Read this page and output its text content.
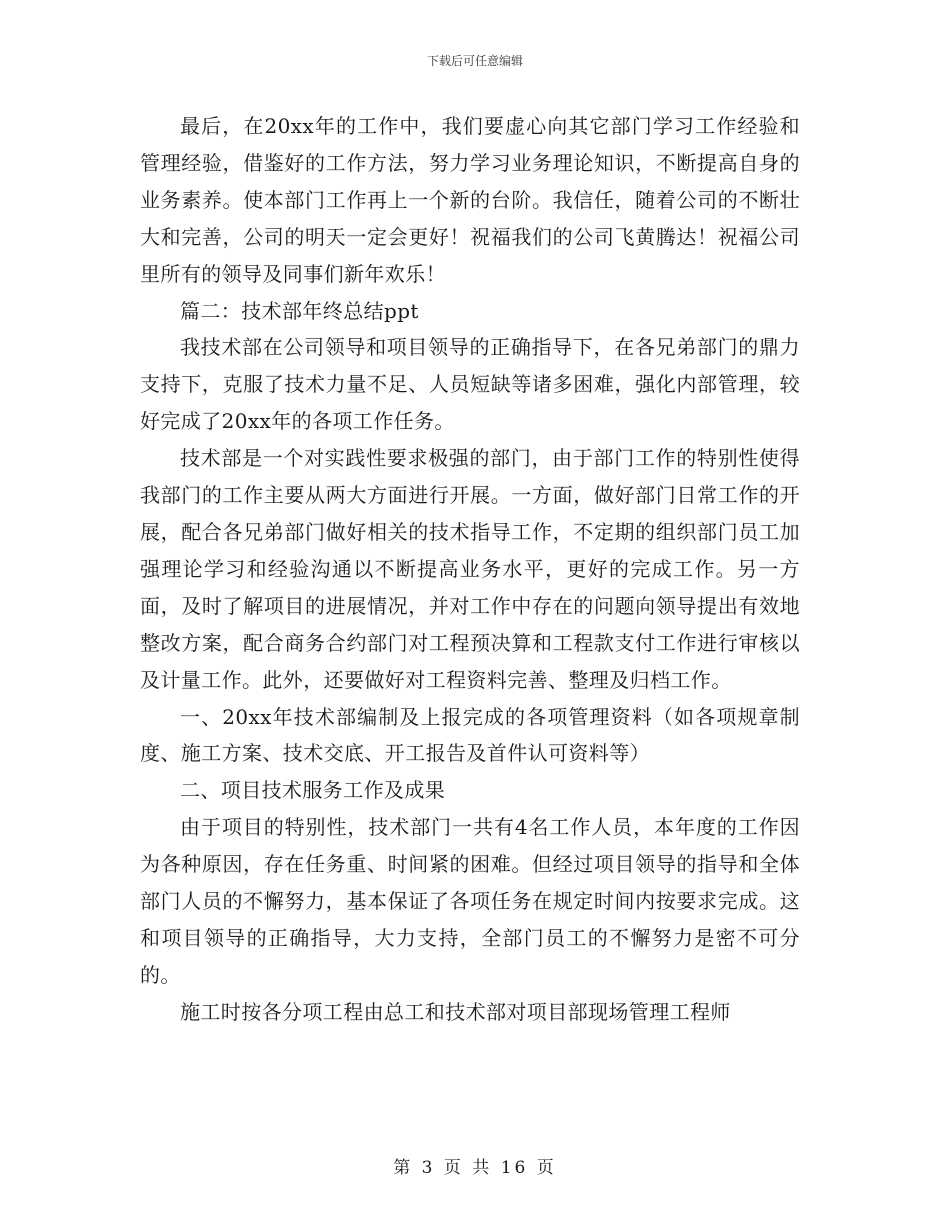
下载后可任意编辑

最后，在20xx年的工作中，我们要虚心向其它部门学习工作经验和管理经验，借鉴好的工作方法，努力学习业务理论知识，不断提高自身的业务素养。使本部门工作再上一个新的台阶。我信任，随着公司的不断壮大和完善，公司的明天一定会更好！祝福我们的公司飞黄腾达！祝福公司里所有的领导及同事们新年欢乐！

篇二：技术部年终总结ppt

我技术部在公司领导和项目领导的正确指导下，在各兄弟部门的鼎力支持下，克服了技术力量不足、人员短缺等诸多困难，强化内部管理，较好完成了20xx年的各项工作任务。

技术部是一个对实践性要求极强的部门，由于部门工作的特别性使得我部门的工作主要从两大方面进行开展。一方面，做好部门日常工作的开展，配合各兄弟部门做好相关的技术指导工作，不定期的组织部门员工加强理论学习和经验沟通以不断提高业务水平，更好的完成工作。另一方面，及时了解项目的进展情况，并对工作中存在的问题向领导提出有效地整改方案，配合商务合约部门对工程预决算和工程款支付工作进行审核以及计量工作。此外，还要做好对工程资料完善、整理及归档工作。

一、20xx年技术部编制及上报完成的各项管理资料（如各项规章制度、施工方案、技术交底、开工报告及首件认可资料等）

二、项目技术服务工作及成果

由于项目的特别性，技术部门一共有4名工作人员，本年度的工作因为各种原因，存在任务重、时间紧的困难。但经过项目领导的指导和全体部门人员的不懈努力，基本保证了各项任务在规定时间内按要求完成。这和项目领导的正确指导，大力支持，全部门员工的不懈努力是密不可分的。

施工时按各分项工程由总工和技术部对项目部现场管理工程师

第 3 页 共 16 页
